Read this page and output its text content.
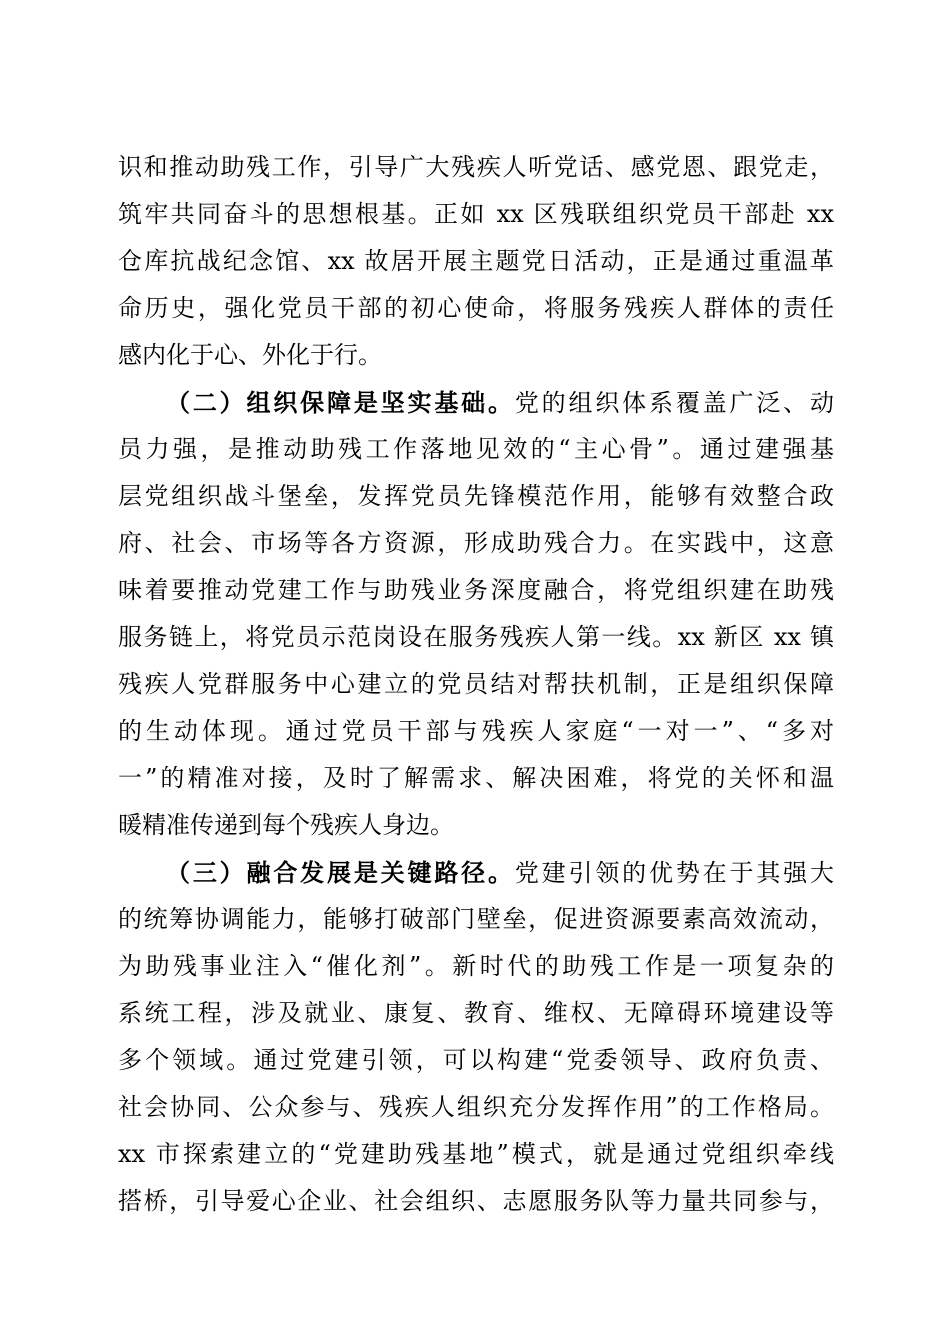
识和推动助残工作，引导广大残疾人听党话、感党恩、跟党走，
筑牢共同奋斗的思想根基。正如 xx 区残联组织党员干部赴 xx
仓库抗战纪念馆、xx 故居开展主题党日活动，正是通过重温革
命历史，强化党员干部的初心使命，将服务残疾人群体的责任
感内化于心、外化于行。
（二）组织保障是坚实基础。党的组织体系覆盖广泛、动
员力强，是推动助残工作落地见效的“主心骨”。通过建强基
层党组织战斗堡垒，发挥党员先锋模范作用，能够有效整合政
府、社会、市场等各方资源，形成助残合力。在实践中，这意
味着要推动党建工作与助残业务深度融合，将党组织建在助残
服务链上，将党员示范岗设在服务残疾人第一线。xx 新区 xx 镇
残疾人党群服务中心建立的党员结对帮扶机制，正是组织保障
的生动体现。通过党员干部与残疾人家庭“一对一”、“多对
一”的精准对接，及时了解需求、解决困难，将党的关怀和温
暖精准传递到每个残疾人身边。
（三）融合发展是关键路径。党建引领的优势在于其强大
的统筹协调能力，能够打破部门壁垒，促进资源要素高效流动，
为助残事业注入“催化剂”。新时代的助残工作是一项复杂的
系统工程，涉及就业、康复、教育、维权、无障碍环境建设等
多个领域。通过党建引领，可以构建“党委领导、政府负责、
社会协同、公众参与、残疾人组织充分发挥作用”的工作格局。
xx 市探索建立的“党建助残基地”模式，就是通过党组织牵线
搭桥，引导爱心企业、社会组织、志愿服务队等力量共同参与，
